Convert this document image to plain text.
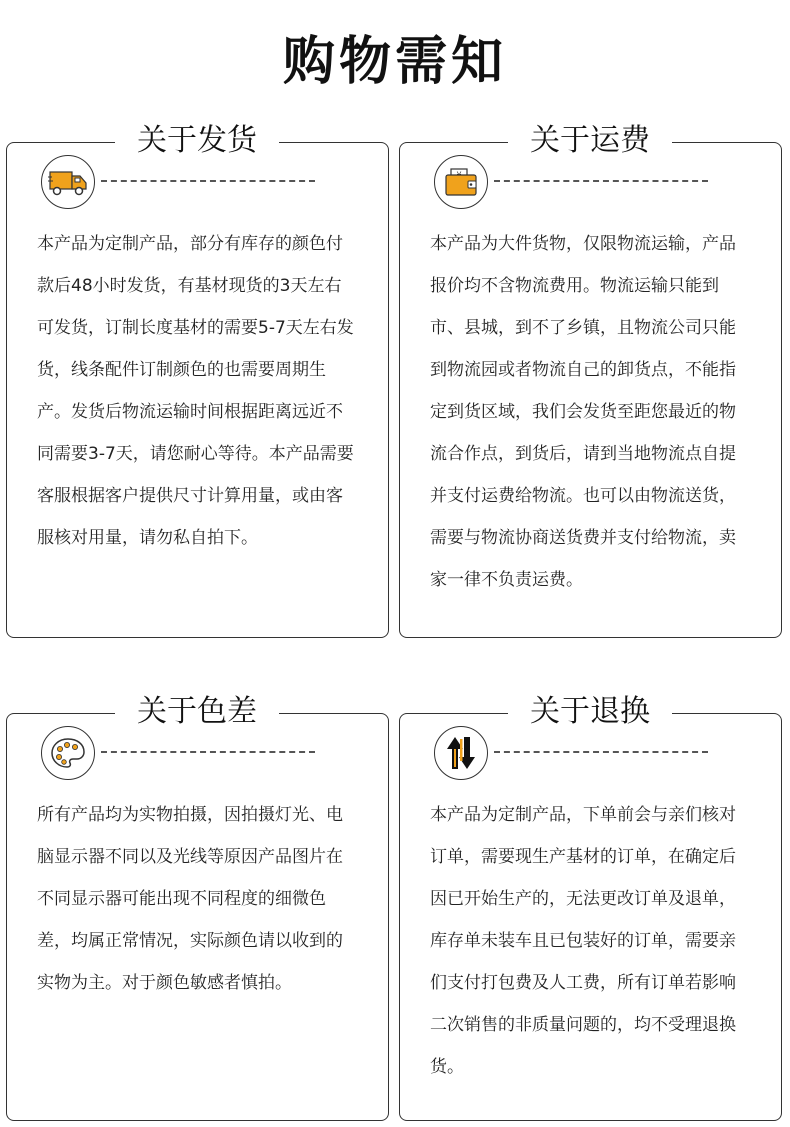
购物需知
关于发货
本产品为定制产品，部分有库存的颜色付款后48小时发货，有基材现货的3天左右可发货，订制长度基材的需要5-7天左右发货，线条配件订制颜色的也需要周期生产。发货后物流运输时间根据距离远近不同需要3-7天，请您耐心等待。本产品需要客服根据客户提供尺寸计算用量，或由客服核对用量，请勿私自拍下。
关于运费
本产品为大件货物，仅限物流运输，产品报价均不含物流费用。物流运输只能到市、县城，到不了乡镇，且物流公司只能到物流园或者物流自己的卸货点，不能指定到货区域，我们会发货至距您最近的物流合作点，到货后，请到当地物流点自提并支付运费给物流。也可以由物流送货，需要与物流协商送货费并支付给物流，卖家一律不负责运费。
关于色差
所有产品均为实物拍摄，因拍摄灯光、电脑显示器不同以及光线等原因产品图片在不同显示器可能出现不同程度的细微色差，均属正常情况，实际颜色请以收到的实物为主。对于颜色敏感者慎拍。
关于退换
本产品为定制产品，下单前会与亲们核对订单，需要现生产基材的订单，在确定后因已开始生产的，无法更改订单及退单，库存单未装车且已包装好的订单，需要亲们支付打包费及人工费，所有订单若影响二次销售的非质量问题的，均不受理退换货。
